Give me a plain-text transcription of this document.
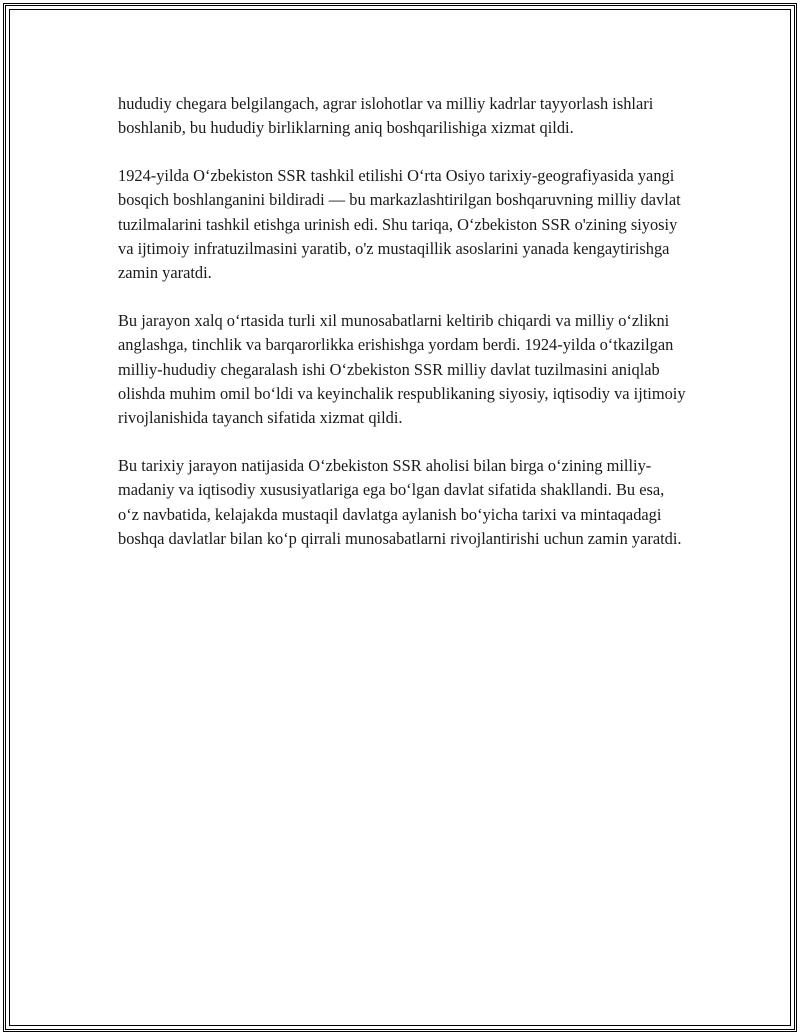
hududiy chegara belgilangach, agrar islohotlar va milliy kadrlar tayyorlash ishlari boshlanib, bu hududiy birliklarning aniq boshqarilishiga xizmat qildi.

1924-yilda O‘zbekiston SSR tashkil etilishi O‘rta Osiyo tarixiy-geografiyasida yangi bosqich boshlanganini bildiradi — bu markazlashtirilgan boshqaruvning milliy davlat tuzilmalarini tashkil etishga urinish edi. Shu tariqa, O‘zbekiston SSR o'zining siyosiy va ijtimoiy infratuzilmasini yaratib, o'z mustaqillik asoslarini yanada kengaytirishga zamin yaratdi.

Bu jarayon xalq o‘rtasida turli xil munosabatlarni keltirib chiqardi va milliy o‘zlikni anglashga, tinchlik va barqarorlikka erishishga yordam berdi. 1924-yilda o‘tkazilgan milliy-hududiy chegaralash ishi O‘zbekiston SSR milliy davlat tuzilmasini aniqlab olishda muhim omil bo‘ldi va keyinchalik respublikaning siyosiy, iqtisodiy va ijtimoiy rivojlanishida tayanch sifatida xizmat qildi.

Bu tarixiy jarayon natijasida O‘zbekiston SSR aholisi bilan birga o‘zining milliy-madaniy va iqtisodiy xususiyatlariga ega bo‘lgan davlat sifatida shakllandi. Bu esa, o‘z navbatida, kelajakda mustaqil davlatga aylanish bo‘yicha tarixi va mintaqadagi boshqa davlatlar bilan ko‘p qirrali munosabatlarni rivojlantirishi uchun zamin yaratdi.
